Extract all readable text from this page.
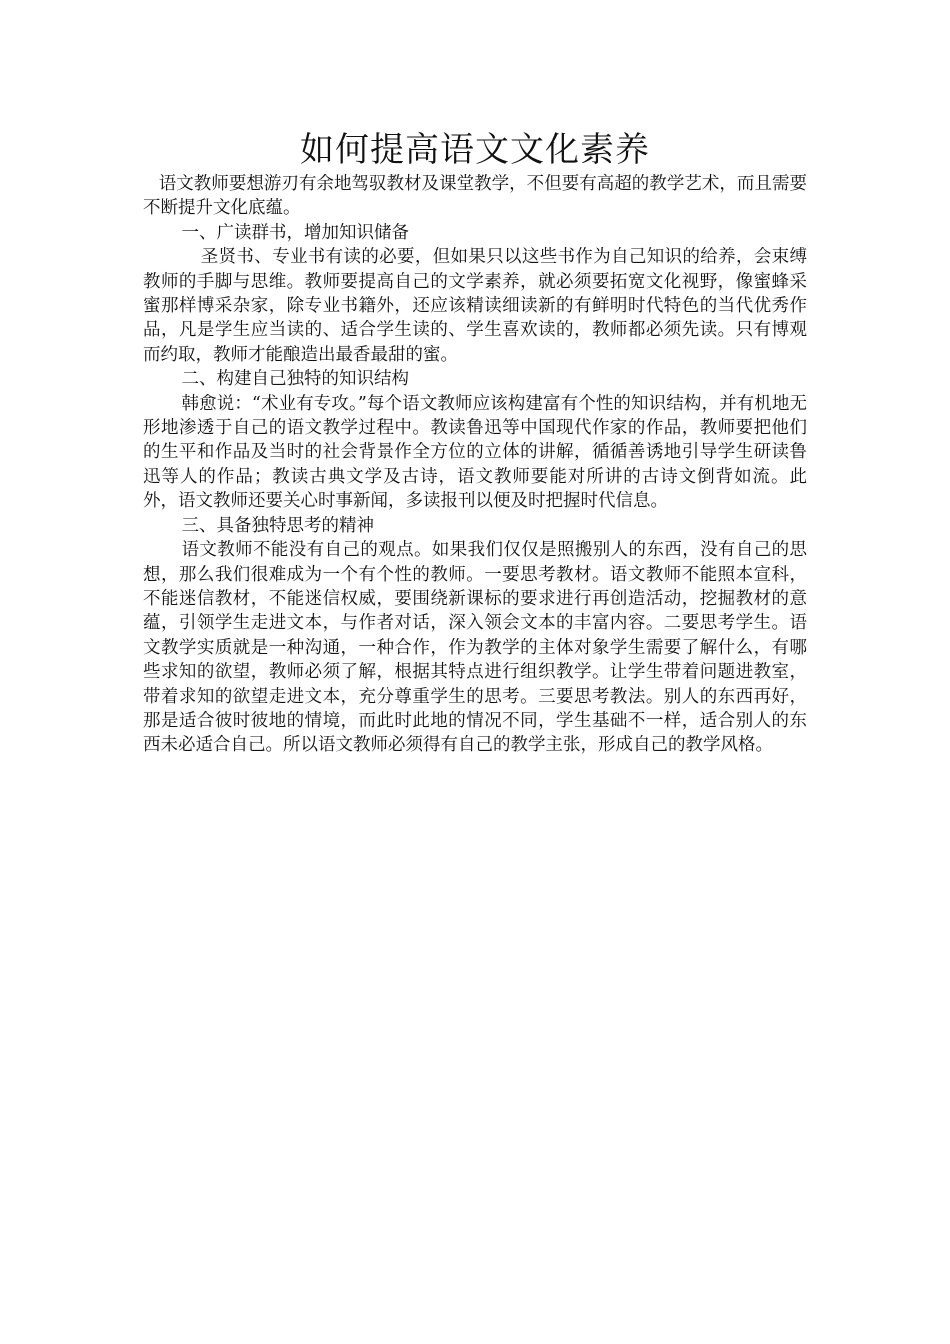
如何提高语文文化素养

语文教师要想游刃有余地驾驭教材及课堂教学，不但要有高超的教学艺术，而且需要不断提升文化底蕴。

一、广读群书，增加知识储备

圣贤书、专业书有读的必要，但如果只以这些书作为自己知识的给养，会束缚教师的手脚与思维。教师要提高自己的文学素养，就必须要拓宽文化视野，像蜜蜂采蜜那样博采杂家，除专业书籍外，还应该精读细读新的有鲜明时代特色的当代优秀作品，凡是学生应当读的、适合学生读的、学生喜欢读的，教师都必须先读。只有博观而约取，教师才能酿造出最香最甜的蜜。

二、构建自己独特的知识结构

韩愈说：“术业有专攻。”每个语文教师应该构建富有个性的知识结构，并有机地无形地渗透于自己的语文教学过程中。教读鲁迅等中国现代作家的作品，教师要把他们的生平和作品及当时的社会背景作全方位的立体的讲解，循循善诱地引导学生研读鲁迅等人的作品；教读古典文学及古诗，语文教师要能对所讲的古诗文倒背如流。此外，语文教师还要关心时事新闻，多读报刊以便及时把握时代信息。

三、具备独特思考的精神

语文教师不能没有自己的观点。如果我们仅仅是照搬别人的东西，没有自己的思想，那么我们很难成为一个有个性的教师。一要思考教材。语文教师不能照本宣科，不能迷信教材，不能迷信权威，要围绕新课标的要求进行再创造活动，挖掘教材的意蕴，引领学生走进文本，与作者对话，深入领会文本的丰富内容。二要思考学生。语文教学实质就是一种沟通，一种合作，作为教学的主体对象学生需要了解什么，有哪些求知的欲望，教师必须了解，根据其特点进行组织教学。让学生带着问题进教室，带着求知的欲望走进文本，充分尊重学生的思考。三要思考教法。别人的东西再好，那是适合彼时彼地的情境，而此时此地的情况不同，学生基础不一样，适合别人的东西未必适合自己。所以语文教师必须得有自己的教学主张，形成自己的教学风格。
